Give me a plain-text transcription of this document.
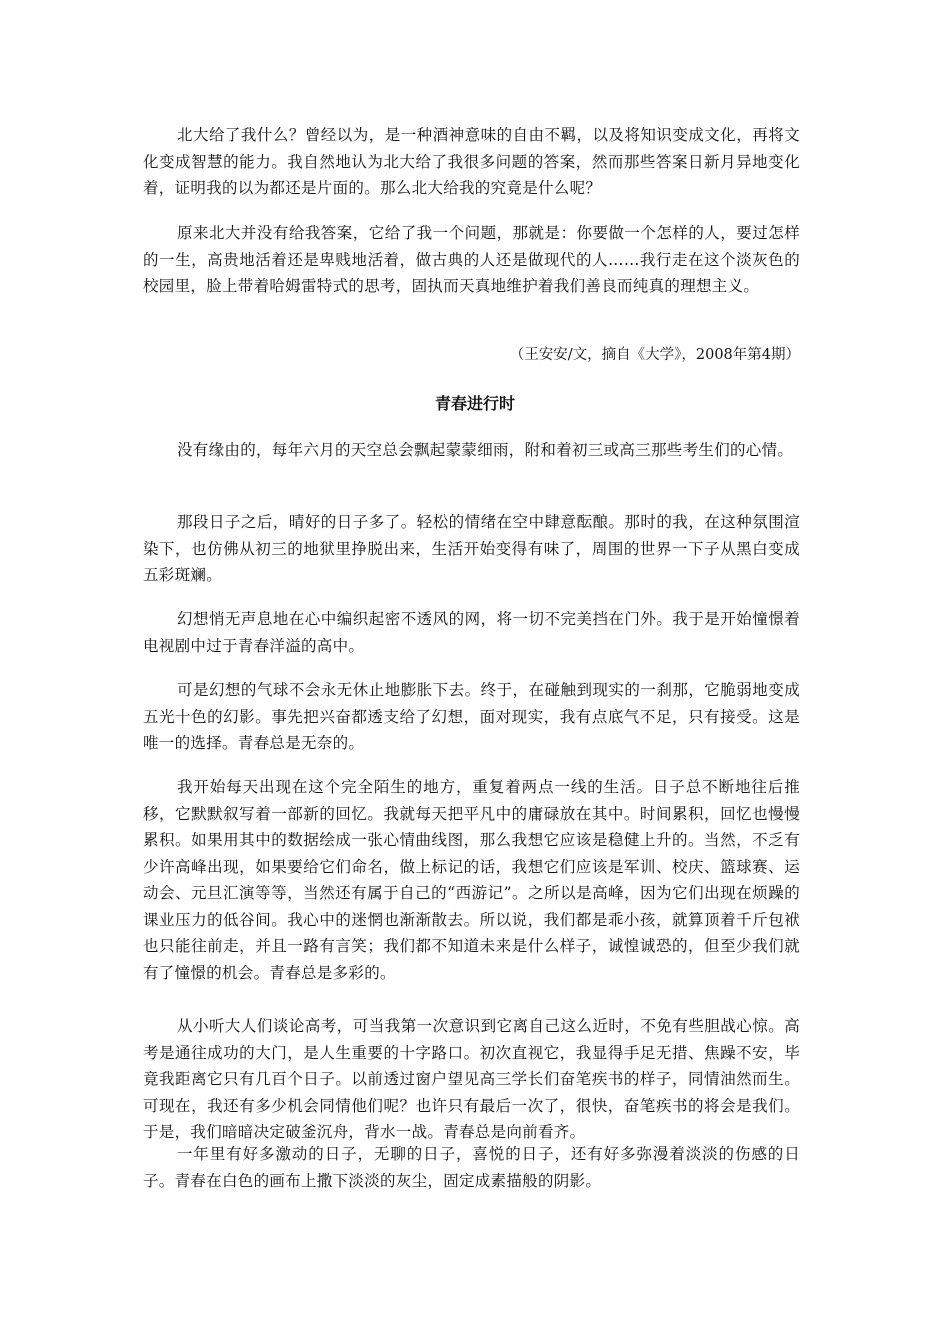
北大给了我什么？曾经以为，是一种酒神意味的自由不羁，以及将知识变成文化，再将文化变成智慧的能力。我自然地认为北大给了我很多问题的答案，然而那些答案日新月异地变化着，证明我的以为都还是片面的。那么北大给我的究竟是什么呢？

原来北大并没有给我答案，它给了我一个问题，那就是：你要做一个怎样的人，要过怎样的一生，高贵地活着还是卑贱地活着，做古典的人还是做现代的人……我行走在这个淡灰色的校园里，脸上带着哈姆雷特式的思考，固执而天真地维护着我们善良而纯真的理想主义。

（王安安/文，摘自《大学》，2008年第4期）

青春进行时

没有缘由的，每年六月的天空总会飘起蒙蒙细雨，附和着初三或高三那些考生们的心情。

那段日子之后，晴好的日子多了。轻松的情绪在空中肆意酝酿。那时的我，在这种氛围渲染下，也仿佛从初三的地狱里挣脱出来，生活开始变得有味了，周围的世界一下子从黑白变成五彩斑斓。

幻想悄无声息地在心中编织起密不透风的网，将一切不完美挡在门外。我于是开始憧憬着电视剧中过于青春洋溢的高中。

可是幻想的气球不会永无休止地膨胀下去。终于，在碰触到现实的一刹那，它脆弱地变成五光十色的幻影。事先把兴奋都透支给了幻想，面对现实，我有点底气不足，只有接受。这是唯一的选择。青春总是无奈的。

我开始每天出现在这个完全陌生的地方，重复着两点一线的生活。日子总不断地往后推移，它默默叙写着一部新的回忆。我就每天把平凡中的庸碌放在其中。时间累积，回忆也慢慢累积。如果用其中的数据绘成一张心情曲线图，那么我想它应该是稳健上升的。当然，不乏有少许高峰出现，如果要给它们命名，做上标记的话，我想它们应该是军训、校庆、篮球赛、运动会、元旦汇演等等，当然还有属于自己的“西游记”。之所以是高峰，因为它们出现在烦躁的课业压力的低谷间。我心中的迷惘也渐渐散去。所以说，我们都是乖小孩，就算顶着千斤包袱也只能往前走，并且一路有言笑；我们都不知道未来是什么样子，诚惶诚恐的，但至少我们就有了憧憬的机会。青春总是多彩的。

从小听大人们谈论高考，可当我第一次意识到它离自己这么近时，不免有些胆战心惊。高考是通往成功的大门，是人生重要的十字路口。初次直视它，我显得手足无措、焦躁不安，毕竟我距离它只有几百个日子。以前透过窗户望见高三学长们奋笔疾书的样子，同情油然而生。可现在，我还有多少机会同情他们呢？也许只有最后一次了，很快，奋笔疾书的将会是我们。于是，我们暗暗决定破釜沉舟，背水一战。青春总是向前看齐。

一年里有好多激动的日子，无聊的日子，喜悦的日子，还有好多弥漫着淡淡的伤感的日子。青春在白色的画布上撒下淡淡的灰尘，固定成素描般的阴影。
